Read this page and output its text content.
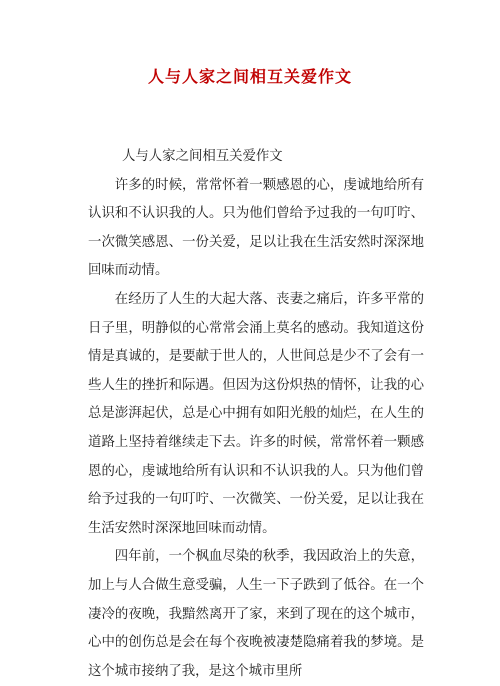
人与人家之间相互关爱作文

人与人家之间相互关爱作文

许多的时候，常常怀着一颗感恩的心，虔诚地给所有认识和不认识我的人。只为他们曾给予过我的一句叮咛、一次微笑感恩、一份关爱，足以让我在生活安然时深深地回味而动情。

在经历了人生的大起大落、丧妻之痛后，许多平常的日子里，明静似的心常常会涌上莫名的感动。我知道这份情是真诚的，是要献于世人的，人世间总是少不了会有一些人生的挫折和际遇。但因为这份炽热的情怀，让我的心总是澎湃起伏，总是心中拥有如阳光般的灿烂，在人生的道路上坚持着继续走下去。许多的时候，常常怀着一颗感恩的心，虔诚地给所有认识和不认识我的人。只为他们曾给予过我的一句叮咛、一次微笑、一份关爱，足以让我在生活安然时深深地回味而动情。

四年前，一个枫血尽染的秋季，我因政治上的失意，加上与人合做生意受骗，人生一下子跌到了低谷。在一个凄冷的夜晚，我黯然离开了家，来到了现在的这个城市，心中的创伤总是会在每个夜晚被凄楚隐痛着我的梦境。是这个城市接纳了我，是这个城市里所
